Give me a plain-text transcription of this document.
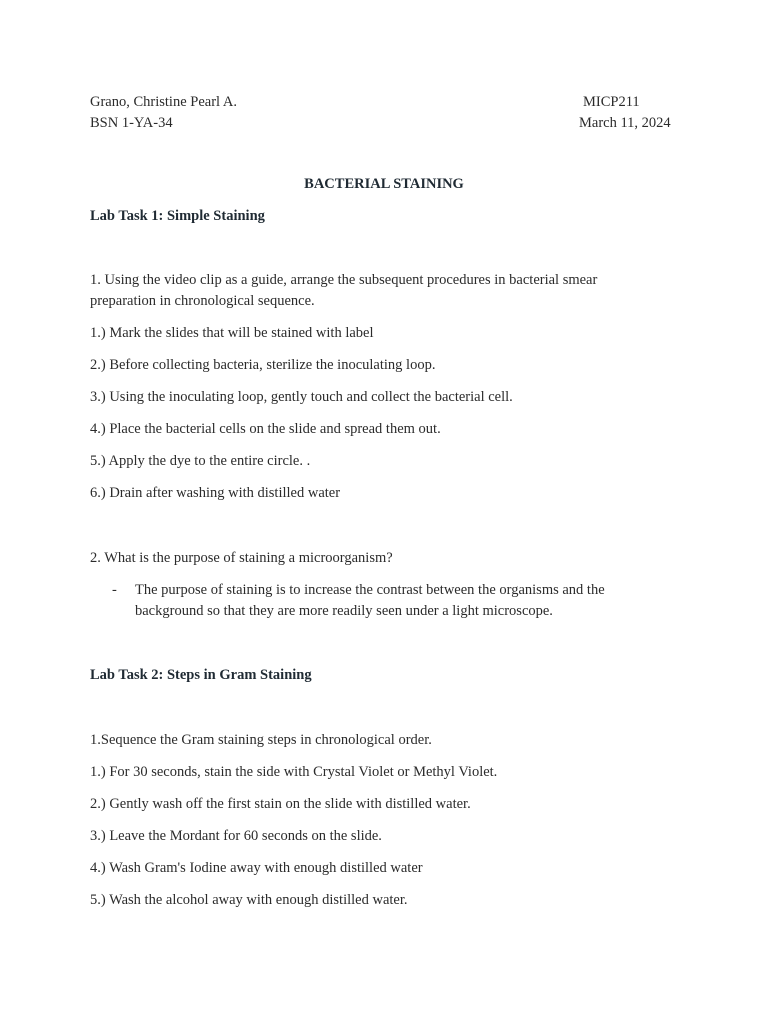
Grano, Christine Pearl A.	MICP211
BSN 1-YA-34	March 11, 2024
BACTERIAL STAINING
Lab Task 1: Simple Staining
1. Using the video clip as a guide, arrange the subsequent procedures in bacterial smear
preparation in chronological sequence.
1.) Mark the slides that will be stained with label
2.) Before collecting bacteria, sterilize the inoculating loop.
3.) Using the inoculating loop, gently touch and collect the bacterial cell.
4.) Place the bacterial cells on the slide and spread them out.
5.) Apply the dye to the entire circle. .
6.) Drain after washing with distilled water
2. What is the purpose of staining a microorganism?
- The purpose of staining is to increase the contrast between the organisms and the
background so that they are more readily seen under a light microscope.
Lab Task 2: Steps in Gram Staining
1.Sequence the Gram staining steps in chronological order.
1.) For 30 seconds, stain the side with Crystal Violet or Methyl Violet.
2.) Gently wash off the first stain on the slide with distilled water.
3.) Leave the Mordant for 60 seconds on the slide.
4.) Wash Gram's Iodine away with enough distilled water
5.) Wash the alcohol away with enough distilled water.
